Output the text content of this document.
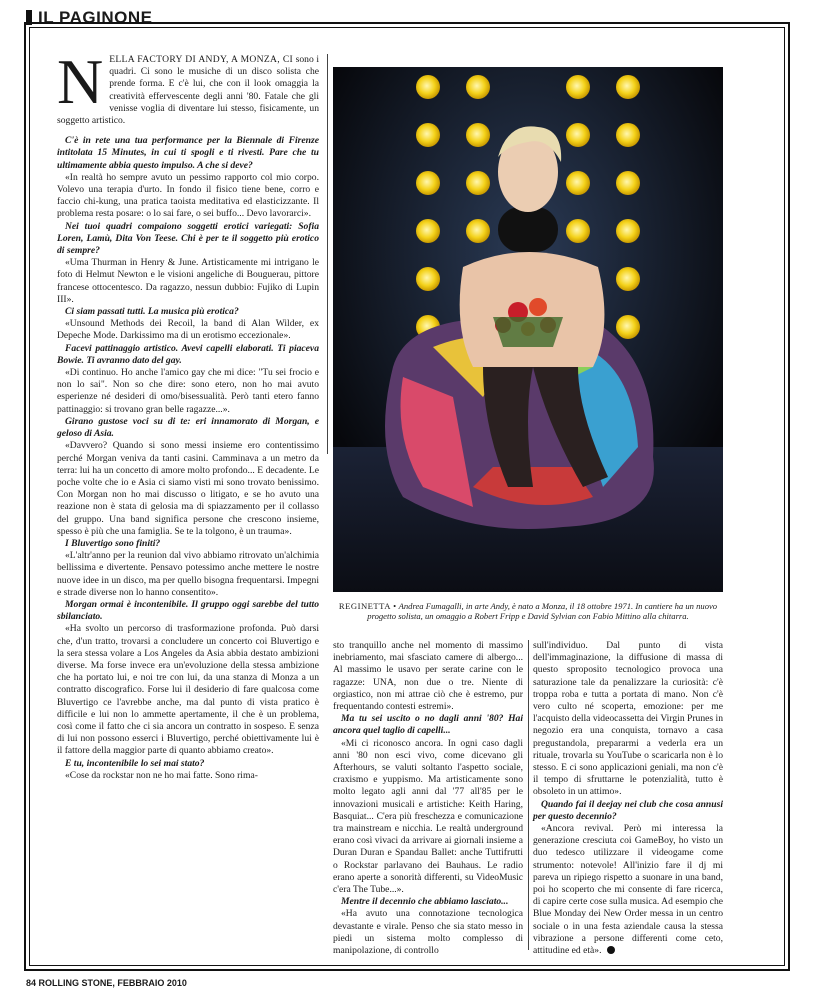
IL PAGINONE

NELLA FACTORY DI ANDY, A MONZA, CI sono i quadri. Ci sono le musiche di un disco solista che prende forma. E c'è lui, che con il look omaggia la creatività effervescente degli anni '80. Fatale che gli venisse voglia di diventare lui stesso, fisicamente, un soggetto artistico.

C'è in rete una tua performance per la Biennale di Firenze intitolata 15 Minutes, in cui ti spogli e ti rivesti. Pare che tu ultimamente abbia questo impulso. A che si deve?

«In realtà ho sempre avuto un pessimo rapporto col mio corpo. Volevo una terapia d'urto. In fondo il fisico tiene bene, corro e faccio chi-kung, una pratica taoista meditativa ed elasticizzante. Il problema resta posare: o lo sai fare, o sei buffo... Devo lavorarci».

Nei tuoi quadri compaiono soggetti erotici variegati: Sofia Loren, Lamù, Dita Von Teese. Chi è per te il soggetto più erotico di sempre?

«Uma Thurman in Henry & June. Artisticamente mi intrigano le foto di Helmut Newton e le visioni angeliche di Bouguerau, pittore francese ottocentesco. Da ragazzo, nessun dubbio: Fujiko di Lupin III».

Ci siam passati tutti. La musica più erotica?

«Unsound Methods dei Recoil, la band di Alan Wilder, ex Depeche Mode. Darkissimo ma di un erotismo eccezionale».

Facevi pattinaggio artistico. Avevi capelli elaborati. Ti piaceva Bowie. Ti avranno dato del gay.

«Di continuo. Ho anche l'amico gay che mi dice: "Tu sei frocio e non lo sai". Non so che dire: sono etero, non ho mai avuto esperienze né desideri di omo/bisessualità. Però tanti etero fanno pattinaggio: si trovano gran belle ragazze...».

Girano gustose voci su di te: eri innamorato di Morgan, e geloso di Asia.

«Davvero? Quando si sono messi insieme ero contentissimo perché Morgan veniva da tanti casini. Camminava a un metro da terra: lui ha un concetto di amore molto profondo... E decadente. Le poche volte che io e Asia ci siamo visti mi sono trovato benissimo. Con Morgan non ho mai discusso o litigato, e se ho avuto una reazione non è stata di gelosia ma di spiazzamento per il collasso del gruppo. Una band significa persone che crescono insieme, spesso è più che una famiglia. Se te la tolgono, è un trauma».

I Bluvertigo sono finiti?

«L'altr'anno per la reunion dal vivo abbiamo ritrovato un'alchimia bellissima e divertente. Pensavo potessimo anche mettere le nostre nuove idee in un disco, ma per quello bisogna frequentarsi. Impegni e strade diverse non lo hanno consentito».

Morgan ormai è incontenibile. Il gruppo oggi sarebbe del tutto sbilanciato.

«Ha svolto un percorso di trasformazione profonda. Può darsi che, d'un tratto, trovarsi a concludere un concerto coi Bluvertigo e la sera stessa volare a Los Angeles da Asia abbia destato ambizioni diverse. Ma forse invece era un'evoluzione della stessa ambizione che ha portato lui, e noi tre con lui, da una stanza di Monza a un contratto discografico. Forse lui il desiderio di fare qualcosa come Bluvertigo ce l'avrebbe anche, ma dal punto di vista pratico è difficile e lui non lo ammette apertamente, il che è un problema, così come il fatto che ci sia ancora un contratto in sospeso. E senza di lui non possono esserci i Bluvertigo, perché obiettivamente lui è il fattore della maggior parte di quanto abbiamo creato».

E tu, incontenibile lo sei mai stato?

«Cose da rockstar non ne ho mai fatte. Sono rima-

REGINETTA • Andrea Fumagalli, in arte Andy, è nato a Monza, il 18 ottobre 1971. In cantiere ha un nuovo progetto solista, un omaggio a Robert Fripp e David Sylvian con Fabio Mittino alla chitarra.

sto tranquillo anche nel momento di massimo inebriamento, mai sfasciato camere di albergo... Al massimo le usavo per serate carine con le ragazze: UNA, non due o tre. Niente di orgiastico, non mi attrae ciò che è estremo, pur frequentando contesti estremi».

Ma tu sei uscito o no dagli anni '80? Hai ancora quel taglio di capelli...

«Mi ci riconosco ancora. In ogni caso dagli anni '80 non esci vivo, come dicevano gli Afterhours, se valuti soltanto l'aspetto sociale, craxismo e yuppismo. Ma artisticamente sono molto legato agli anni dal '77 all'85 per le innovazioni musicali e artistiche: Keith Haring, Basquiat... C'era più freschezza e comunicazione tra mainstream e nicchia. Le realtà underground erano così vivaci da arrivare ai giornali insieme a Duran Duran e Spandau Ballet: anche Tuttifrutti o Rockstar parlavano dei Bauhaus. Le radio erano aperte a sonorità differenti, su VideoMusic c'era The Tube...».

Mentre il decennio che abbiamo lasciato...

«Ha avuto una connotazione tecnologica devastante e virale. Penso che sia stato messo in piedi un sistema molto complesso di manipolazione, di controllo

sull'individuo. Dal punto di vista dell'immaginazione, la diffusione di massa di questo sproposito tecnologico provoca una saturazione tale da penalizzare la curiosità: c'è troppa roba e tutta a portata di mano. Non c'è vero culto né scoperta, emozione: per me l'acquisto della videocassetta dei Virgin Prunes in negozio era una conquista, tornavo a casa pregustandola, prepararmi a vederla era un rituale, trovarla su YouTube o scaricarla non è lo stesso. E ci sono applicazioni geniali, ma non c'è il tempo di sfruttarne le potenzialità, tutto è obsoleto in un attimo».

Quando fai il deejay nei club che cosa annusi per questo decennio?

«Ancora revival. Però mi interessa la generazione cresciuta coi GameBoy, ho visto un duo tedesco utilizzare il videogame come strumento: notevole! All'inizio fare il dj mi pareva un ripiego rispetto a suonare in una band, poi ho scoperto che mi consente di fare ricerca, di capire certe cose sulla musica. Ad esempio che Blue Monday dei New Order messa in un centro sociale o in una festa aziendale causa la stessa vibrazione a persone differenti come ceto, attitudine ed età».

84 ROLLING STONE, FEBBRAIO 2010
